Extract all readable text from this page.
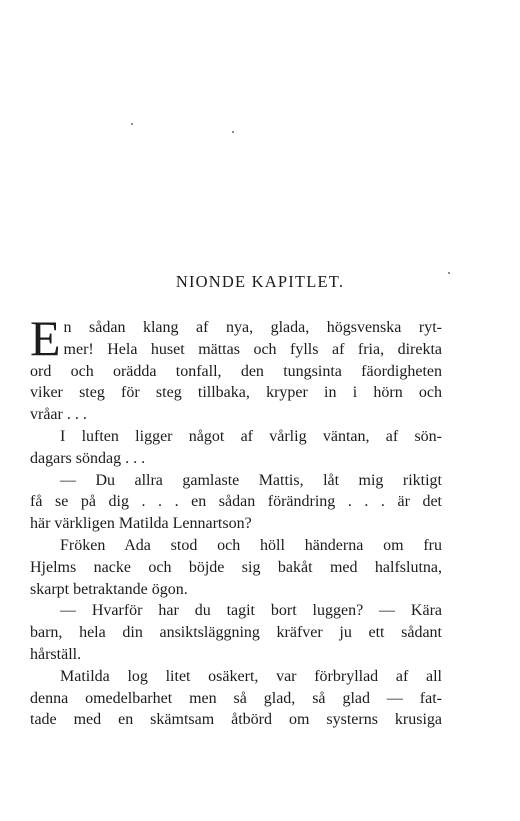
NIONDE KAPITLET.
E n sådan klang af nya, glada, högsvenska ryt-
mer! Hela huset mättas och fylls af fria, direkta
ord och orädda tonfall, den tungsinta fäordigheten
viker steg för steg tillbaka, kryper in i hörn och
vråar . . .
I luften ligger något af vårlig väntan, af sön-
dagars söndag . . .
— Du allra gamlaste Mattis, låt mig riktigt
få se på dig . . . en sådan förändring . . . är det
här värkligen Matilda Lennartson?
Fröken Ada stod och höll händerna om fru
Hjelms nacke och böjde sig bakåt med halfslutna,
skarpt betraktande ögon.
— Hvarför har du tagit bort luggen? — Kära
barn, hela din ansiktsläggning kräfver ju ett sådant
hårställ.
Matilda log litet osäkert, var förbryllad af all
denna omedelbarhet men så glad, så glad — fat-
tade med en skämtsam åtbörd om systerns krusiga
